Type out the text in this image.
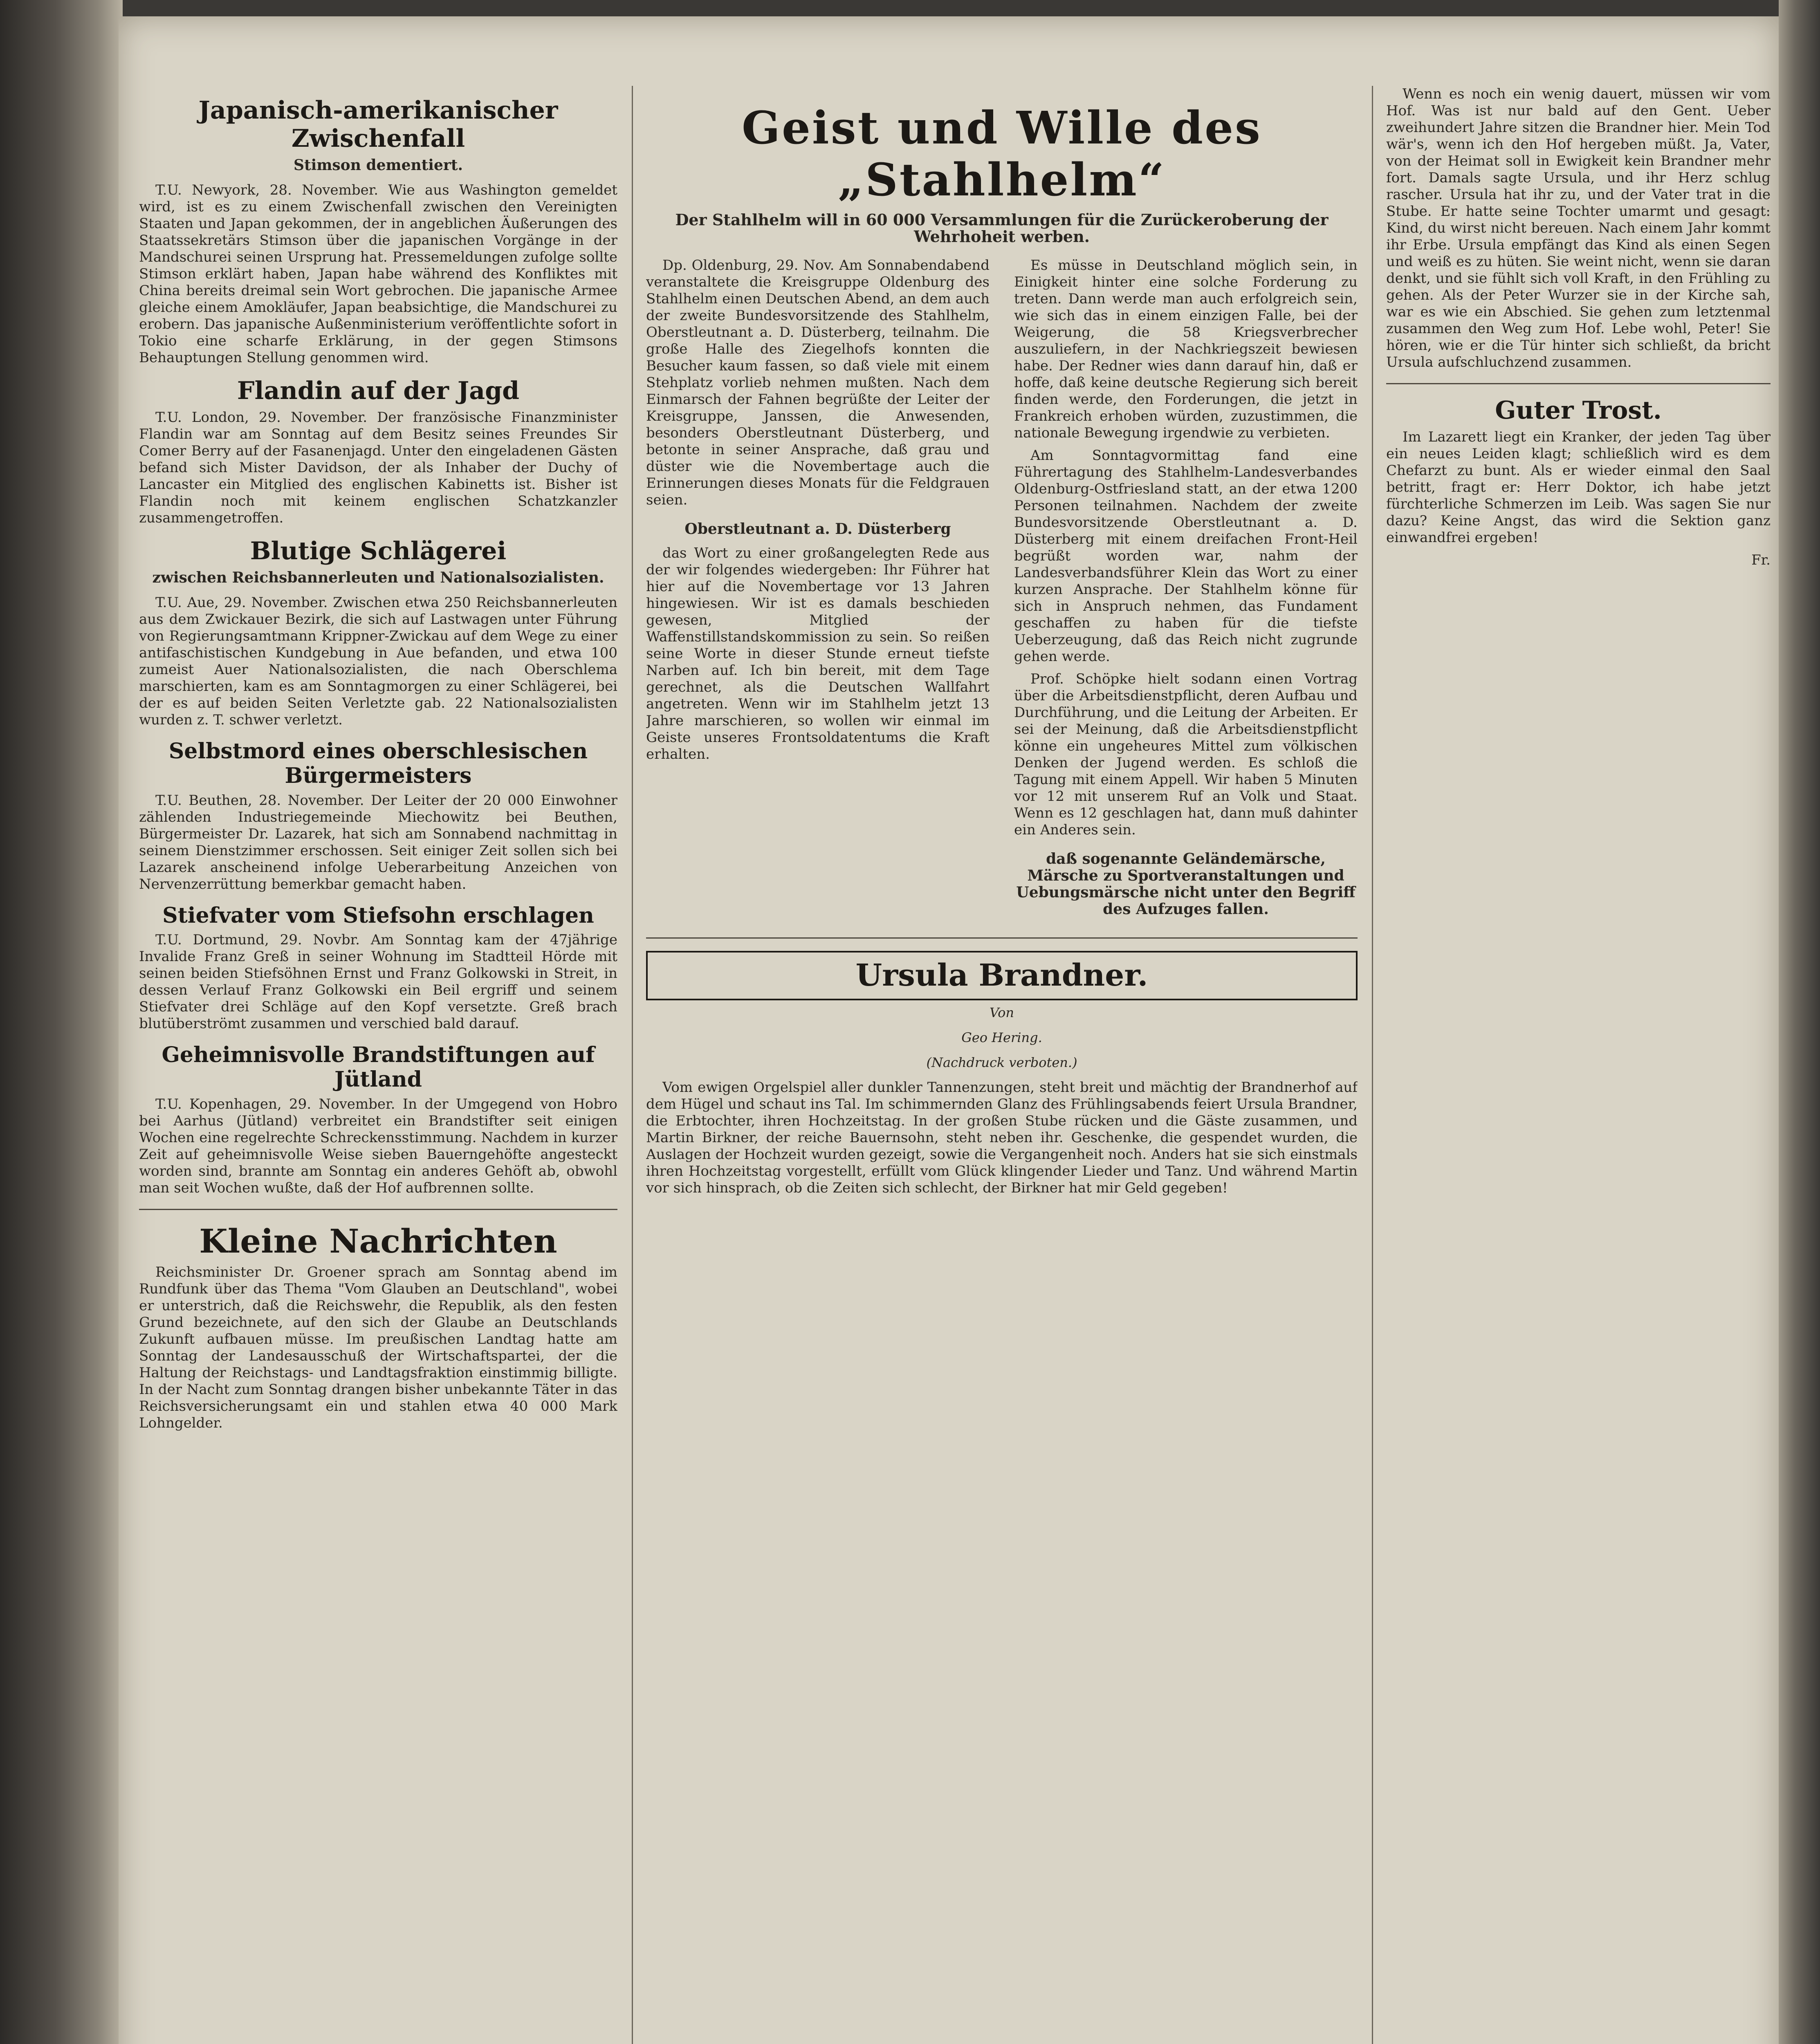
Japanisch-amerikanischer Zwischenfall
Stimson dementiert.

T.U. Newyork, 28. November. Wie aus Washington gemeldet wird, ist es zu einem Zwischenfall zwischen den Vereinigten Staaten und Japan gekommen, der in angeblichen Äußerungen des Staatssekretärs Stimson über die japanischen Vorgänge in der Mandschurei seinen Ursprung hat. Pressemeldungen zufolge sollte Stimson erklärt haben, Japan habe während des Konfliktes mit China bereits dreimal sein Wort gebrochen. Die japanische Armee gleiche einem Amokläufer, Japan beabsichtige, die Mandschurei zu erobern. Das japanische Außenministerium veröffentlichte sofort in Tokio eine scharfe Erklärung, in der gegen Stimsons Behauptungen Stellung genommen wird.

Flandin auf der Jagd

T.U. London, 29. November. Der französische Finanzminister Flandin war am Sonntag auf dem Besitz seines Freundes Sir Comer Berry auf der Fasanenjagd. Unter den eingeladenen Gästen befand sich Mister Davidson, der als Inhaber der Duchy of Lancaster ein Mitglied des englischen Kabinetts ist. Bisher ist Flandin noch mit keinem englischen Schatzkanzler zusammengetroffen.

Blutige Schlägerei
zwischen Reichsbannerleuten und Nationalsozialisten.

T.U. Aue, 29. November. Zwischen etwa 250 Reichsbannerleuten aus dem Zwickauer Bezirk, die sich auf Lastwagen unter Führung von Regierungsamtmann Krippner-Zwickau auf dem Wege zu einer antifaschistischen Kundgebung in Aue befanden, und etwa 100 zumeist Auer Nationalsozialisten, die nach Oberschlema marschierten, kam es am Sonntagmorgen zu einer Schlägerei, bei der es auf beiden Seiten Verletzte gab. 22 Nationalsozialisten wurden z. T. schwer verletzt.

Selbstmord eines oberschlesischen Bürgermeisters

T.U. Beuthen, 28. November. Der Leiter der 20 000 Einwohner zählenden Industriegemeinde Miechowitz bei Beuthen, Bürgermeister Dr. Lazarek, hat sich am Sonnabend nachmittag in seinem Dienstzimmer erschossen. Seit einiger Zeit sollen sich bei Lazarek anscheinend infolge Ueberarbeitung Anzeichen von Nervenzerrüttung bemerkbar gemacht haben.

Stiefvater vom Stiefsohn erschlagen

T.U. Dortmund, 29. Novbr. Am Sonntag kam der 47jährige Invalide Franz Greß in seiner Wohnung im Stadtteil Hörde mit seinen beiden Stiefsöhnen Ernst und Franz Golkowski in Streit, in dessen Verlauf Franz Golkowski ein Beil ergriff und seinem Stiefvater drei Schläge auf den Kopf versetzte. Greß brach blutüberströmt zusammen und verschied bald darauf.

Geheimnisvolle Brandstiftungen auf Jütland

T.U. Kopenhagen, 29. November. In der Umgegend von Hobro bei Aarhus (Jütland) verbreitet ein Brandstifter seit einigen Wochen eine regelrechte Schreckensstimmung. Nachdem in kurzer Zeit auf geheimnisvolle Weise sieben Bauerngehöfte angesteckt worden sind, brannte am Sonntag ein anderes Gehöft ab, obwohl man seit Wochen wußte, daß der Hof aufbrennen sollte.

Kleine Nachrichten

Reichsminister Dr. Groener sprach am Sonntag abend im Rundfunk über das Thema "Vom Glauben an Deutschland", wobei er unterstrich, daß die Reichswehr, die Republik, als den festen Grund bezeichnete, auf den sich der Glaube an Deutschlands Zukunft aufbauen müsse. Im preußischen Landtag hatte am Sonntag der Landesausschuß der Wirtschaftspartei, der die Haltung der Reichstags- und Landtagsfraktion einstimmig billigte. In der Nacht zum Sonntag drangen bisher unbekannte Täter in das Reichsversicherungsamt ein und stahlen etwa 40 000 Mark Lohngelder.

Geist und Wille des „Stahlhelm“
Der Stahlhelm will in 60 000 Versammlungen für die Zurückeroberung der Wehrhoheit werben.

Dp. Oldenburg, 29. Nov. Am Sonnabendabend veranstaltete die Kreisgruppe Oldenburg des Stahlhelm einen Deutschen Abend, an dem auch der zweite Bundesvorsitzende des Stahlhelm, Oberstleutnant a. D. Düsterberg, teilnahm. Die große Halle des Ziegelhofs konnten die Besucher kaum fassen, so daß viele mit einem Stehplatz vorlieb nehmen mußten. Nach dem Einmarsch der Fahnen begrüßte der Leiter der Kreisgruppe, Janssen, die Anwesenden, besonders Oberstleutnant Düsterberg, und betonte in seiner Ansprache, daß grau und düster wie die Novembertage auch die Erinnerungen dieses Monats für die Feldgrauen seien.

Oberstleutnant a. D. Düsterberg

das Wort zu einer großangelegten Rede aus der wir folgendes wiedergeben: Ihr Führer hat hier auf die Novembertage vor 13 Jahren hingewiesen. Wir ist es damals beschieden gewesen, Mitglied der Waffenstillstandskommission zu sein. So reißen seine Worte in dieser Stunde erneut tiefste Narben auf. Ich bin bereit, mit dem Tage gerechnet, als die Deutschen Wallfahrt angetreten. Wenn wir im Stahlhelm jetzt 13 Jahre marschieren, so wollen wir einmal im Geiste unseres Frontsoldatentums die Kraft erhalten.

Es müsse in Deutschland möglich sein, in Einigkeit hinter eine solche Forderung zu treten. Dann werde man auch erfolgreich sein, wie sich das in einem einzigen Falle, bei der Weigerung, die 58 Kriegsverbrecher auszuliefern, in der Nachkriegszeit bewiesen habe. Der Redner wies dann darauf hin, daß er hoffe, daß keine deutsche Regierung sich bereit finden werde, den Forderungen, die jetzt in Frankreich erhoben würden, zuzustimmen, die nationale Bewegung irgendwie zu verbieten.

Am Sonntagvormittag fand eine Führertagung des Stahlhelm-Landesverbandes Oldenburg-Ostfriesland statt, an der etwa 1200 Personen teilnahmen. Nachdem der zweite Bundesvorsitzende Oberstleutnant a. D. Düsterberg mit einem dreifachen Front-Heil begrüßt worden war, nahm der Landesverbandsführer Klein das Wort zu einer kurzen Ansprache. Der Stahlhelm könne für sich in Anspruch nehmen, das Fundament geschaffen zu haben für die tiefste Ueberzeugung, daß das Reich nicht zugrunde gehen werde.

Prof. Schöpke hielt sodann einen Vortrag über die Arbeitsdienstpflicht, deren Aufbau und Durchführung, und die Leitung der Arbeiten. Er sei der Meinung, daß die Arbeitsdienstpflicht könne ein ungeheures Mittel zum völkischen Denken der Jugend werden. Es schloß die Tagung mit einem Appell. Wir haben 5 Minuten vor 12 mit unserem Ruf an Volk und Staat. Wenn es 12 geschlagen hat, dann muß dahinter ein Anderes sein.

daß sogenannte Geländemärsche, Märsche zu Sportveranstaltungen und Uebungsmärsche nicht unter den Begriff des Aufzuges fallen.
Ursula Brandner.
Von
Geo Hering.
(Nachdruck verboten.)

Vom ewigen Orgelspiel aller dunkler Tannenzungen, steht breit und mächtig der Brandnerhof auf dem Hügel und schaut ins Tal. Im schimmernden Glanz des Frühlingsabends feiert Ursula Brandner, die Erbtochter, ihren Hochzeitstag. In der großen Stube rücken und die Gäste zusammen, und Martin Birkner, der reiche Bauernsohn, steht neben ihr. Geschenke, die gespendet wurden, die Auslagen der Hochzeit wurden gezeigt, sowie die Vergangenheit noch. Anders hat sie sich einstmals ihren Hochzeitstag vorgestellt, erfüllt vom Glück klingender Lieder und Tanz. Und während Martin vor sich hinsprach, ob die Zeiten sich schlecht, der Birkner hat mir Geld gegeben!

Wenn es noch ein wenig dauert, müssen wir vom Hof. Was ist nur bald auf den Gent. Ueber zweihundert Jahre sitzen die Brandner hier. Mein Tod wär's, wenn ich den Hof hergeben müßt. Ja, Vater, von der Heimat soll in Ewigkeit kein Brandner mehr fort. Damals sagte Ursula, und ihr Herz schlug rascher. Ursula hat ihr zu, und der Vater trat in die Stube. Er hatte seine Tochter umarmt und gesagt: Kind, du wirst nicht bereuen. Nach einem Jahr kommt ihr Erbe. Ursula empfängt das Kind als einen Segen und weiß es zu hüten. Sie weint nicht, wenn sie daran denkt, und sie fühlt sich voll Kraft, in den Frühling zu gehen. Als der Peter Wurzer sie in der Kirche sah, war es wie ein Abschied. Sie gehen zum letztenmal zusammen den Weg zum Hof. Lebe wohl, Peter! Sie hören, wie er die Tür hinter sich schließt, da bricht Ursula aufschluchzend zusammen.

Guter Trost.

Im Lazarett liegt ein Kranker, der jeden Tag über ein neues Leiden klagt; schließlich wird es dem Chefarzt zu bunt. Als er wieder einmal den Saal betritt, fragt er: Herr Doktor, ich habe jetzt fürchterliche Schmerzen im Leib. Was sagen Sie nur dazu? Keine Angst, das wird die Sektion ganz einwandfrei ergeben!

Fr.
